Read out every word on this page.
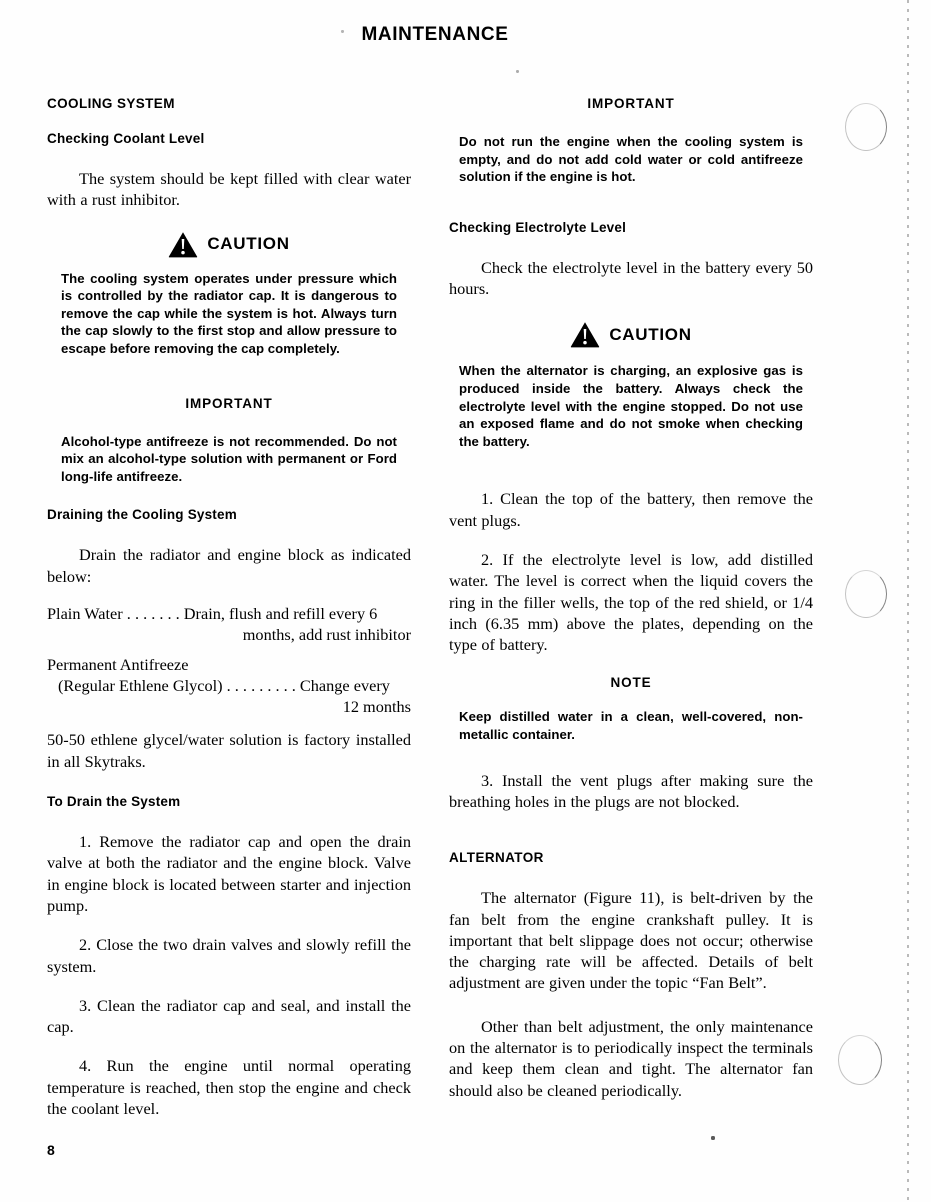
MAINTENANCE
COOLING SYSTEM
Checking Coolant Level

The system should be kept filled with clear water with a rust inhibitor.

CAUTION

The cooling system operates under pressure which is controlled by the radiator cap. It is dangerous to remove the cap while the system is hot. Always turn the cap slowly to the first stop and allow pressure to escape before removing the cap completely.

IMPORTANT

Alcohol-type antifreeze is not recommended. Do not mix an alcohol-type solution with permanent or Ford long-life antifreeze.

Draining the Cooling System

Drain the radiator and engine block as indicated below:

Plain Water . . . . . . . Drain, flush and refill every 6
months, add rust inhibitor
Permanent Antifreeze
(Regular Ethlene Glycol) . . . . . . . . . Change every
12 months

50-50 ethlene glycel/water solution is factory installed in all Skytraks.

To Drain the System

1. Remove the radiator cap and open the drain valve at both the radiator and the engine block. Valve in engine block is located between starter and injection pump.

2. Close the two drain valves and slowly refill the system.

3. Clean the radiator cap and seal, and install the cap.

4. Run the engine until normal operating temperature is reached, then stop the engine and check the coolant level.

IMPORTANT

Do not run the engine when the cooling system is empty, and do not add cold water or cold antifreeze solution if the engine is hot.

Checking Electrolyte Level

Check the electrolyte level in the battery every 50 hours.

CAUTION

When the alternator is charging, an explosive gas is produced inside the battery. Always check the electrolyte level with the engine stopped. Do not use an exposed flame and do not smoke when checking the battery.

1. Clean the top of the battery, then remove the vent plugs.

2. If the electrolyte level is low, add distilled water. The level is correct when the liquid covers the ring in the filler wells, the top of the red shield, or 1/4 inch (6.35 mm) above the plates, depending on the type of battery.

NOTE

Keep distilled water in a clean, well-covered, non-metallic container.

3. Install the vent plugs after making sure the breathing holes in the plugs are not blocked.

ALTERNATOR

The alternator (Figure 11), is belt-driven by the fan belt from the engine crankshaft pulley. It is important that belt slippage does not occur; otherwise the charging rate will be affected. Details of belt adjustment are given under the topic “Fan Belt”.

Other than belt adjustment, the only maintenance on the alternator is to periodically inspect the terminals and keep them clean and tight. The alternator fan should also be cleaned periodically.

8
